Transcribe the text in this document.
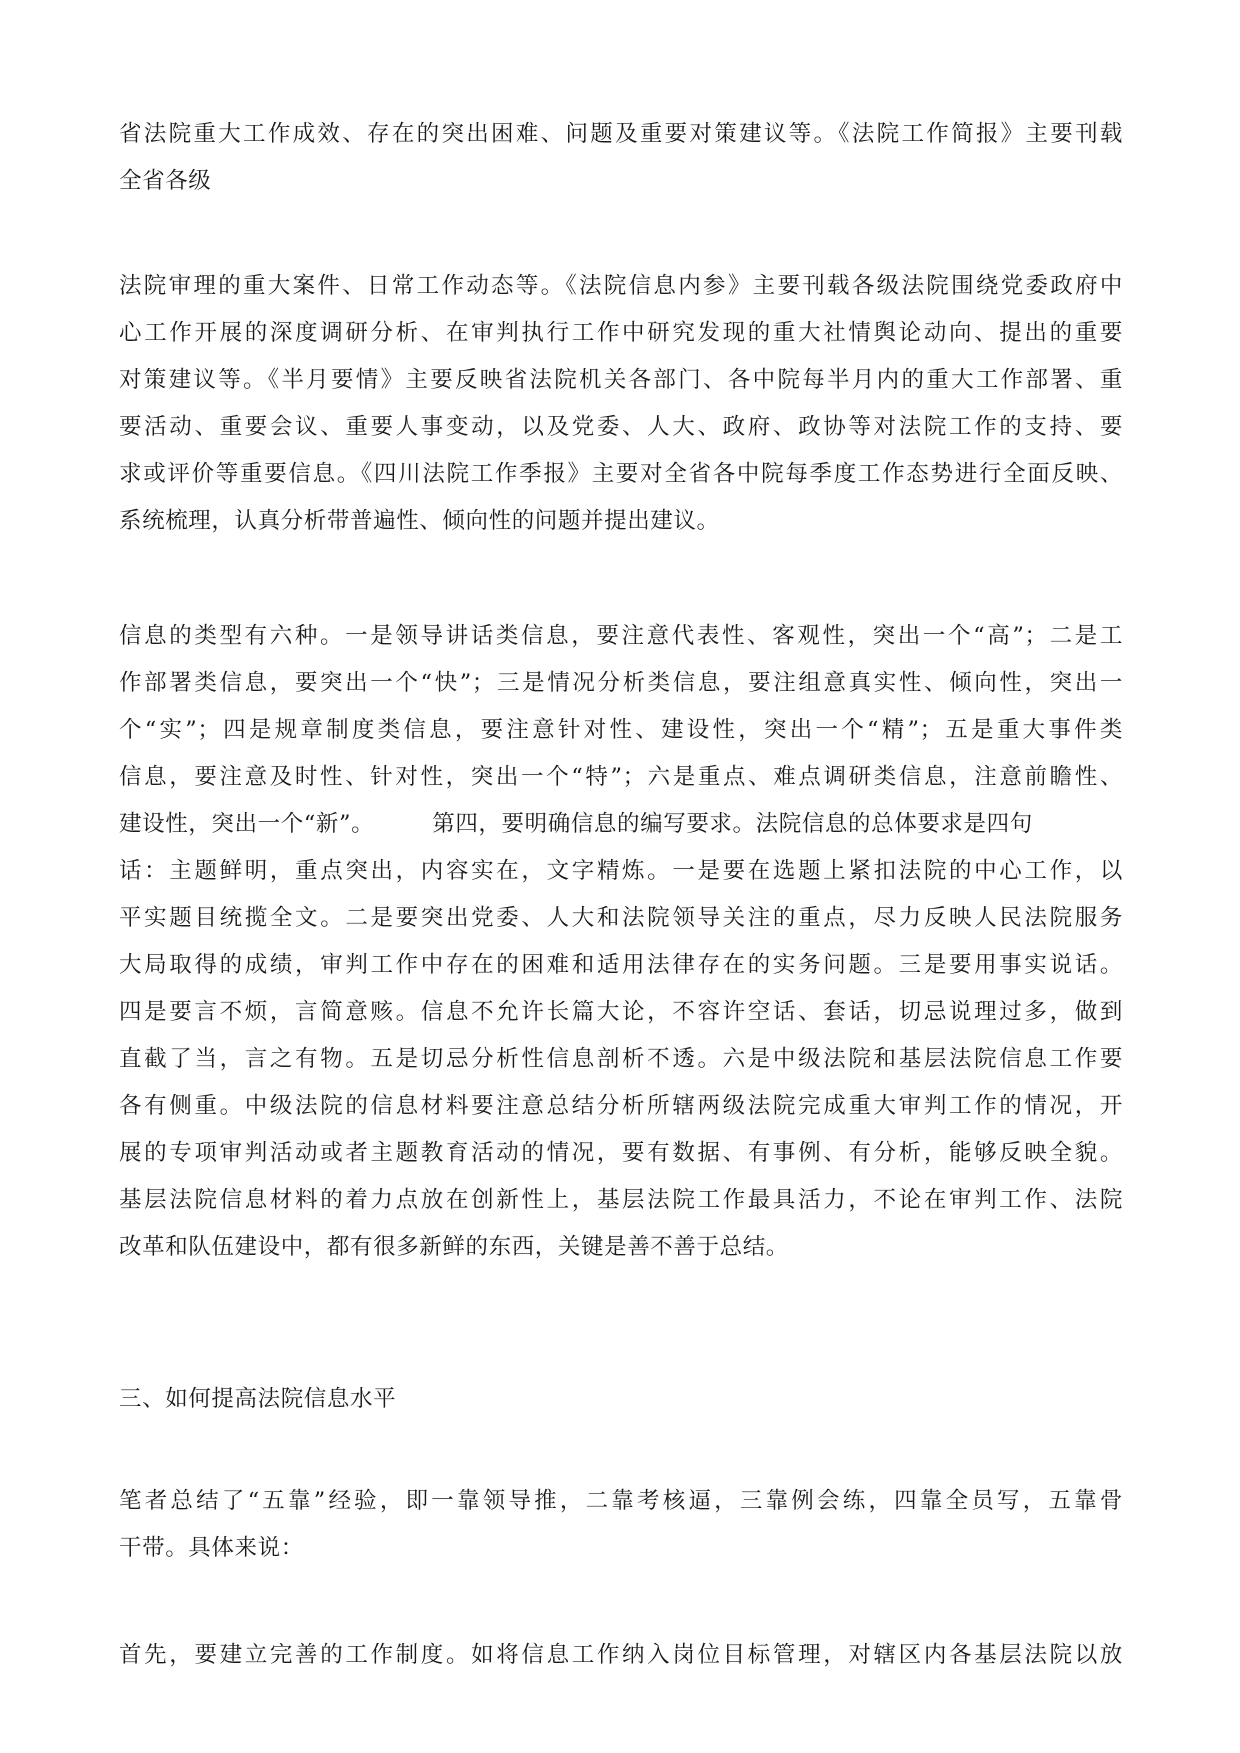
省法院重大工作成效、存在的突出困难、问题及重要对策建议等。《法院工作简报》主要刊载
全省各级
法院审理的重大案件、日常工作动态等。《法院信息内参》主要刊载各级法院围绕党委政府中
心工作开展的深度调研分析、在审判执行工作中研究发现的重大社情舆论动向、提出的重要
对策建议等。《半月要情》主要反映省法院机关各部门、各中院每半月内的重大工作部署、重
要活动、重要会议、重要人事变动，以及党委、人大、政府、政协等对法院工作的支持、要
求或评价等重要信息。《四川法院工作季报》主要对全省各中院每季度工作态势进行全面反映、
系统梳理，认真分析带普遍性、倾向性的问题并提出建议。
信息的类型有六种。一是领导讲话类信息，要注意代表性、客观性，突出一个“高”；二是工
作部署类信息，要突出一个“快”；三是情况分析类信息，要注组意真实性、倾向性，突出一
个“实”；四是规章制度类信息，要注意针对性、建设性，突出一个“精”；五是重大事件类
信息，要注意及时性、针对性，突出一个“特”；六是重点、难点调研类信息，注意前瞻性、
建设性，突出一个“新”。	第四，要明确信息的编写要求。法院信息的总体要求是四句
话：主题鲜明，重点突出，内容实在，文字精炼。一是要在选题上紧扣法院的中心工作，以
平实题目统揽全文。二是要突出党委、人大和法院领导关注的重点，尽力反映人民法院服务
大局取得的成绩，审判工作中存在的困难和适用法律存在的实务问题。三是要用事实说话。
四是要言不烦，言简意赅。信息不允许长篇大论，不容许空话、套话，切忌说理过多，做到
直截了当，言之有物。五是切忌分析性信息剖析不透。六是中级法院和基层法院信息工作要
各有侧重。中级法院的信息材料要注意总结分析所辖两级法院完成重大审判工作的情况，开
展的专项审判活动或者主题教育活动的情况，要有数据、有事例、有分析，能够反映全貌。
基层法院信息材料的着力点放在创新性上，基层法院工作最具活力，不论在审判工作、法院
改革和队伍建设中，都有很多新鲜的东西，关键是善不善于总结。
三、如何提高法院信息水平
笔者总结了“五靠”经验，即一靠领导推，二靠考核逼，三靠例会练，四靠全员写，五靠骨
干带。具体来说：
首先，要建立完善的工作制度。如将信息工作纳入岗位目标管理，对辖区内各基层法院以放
